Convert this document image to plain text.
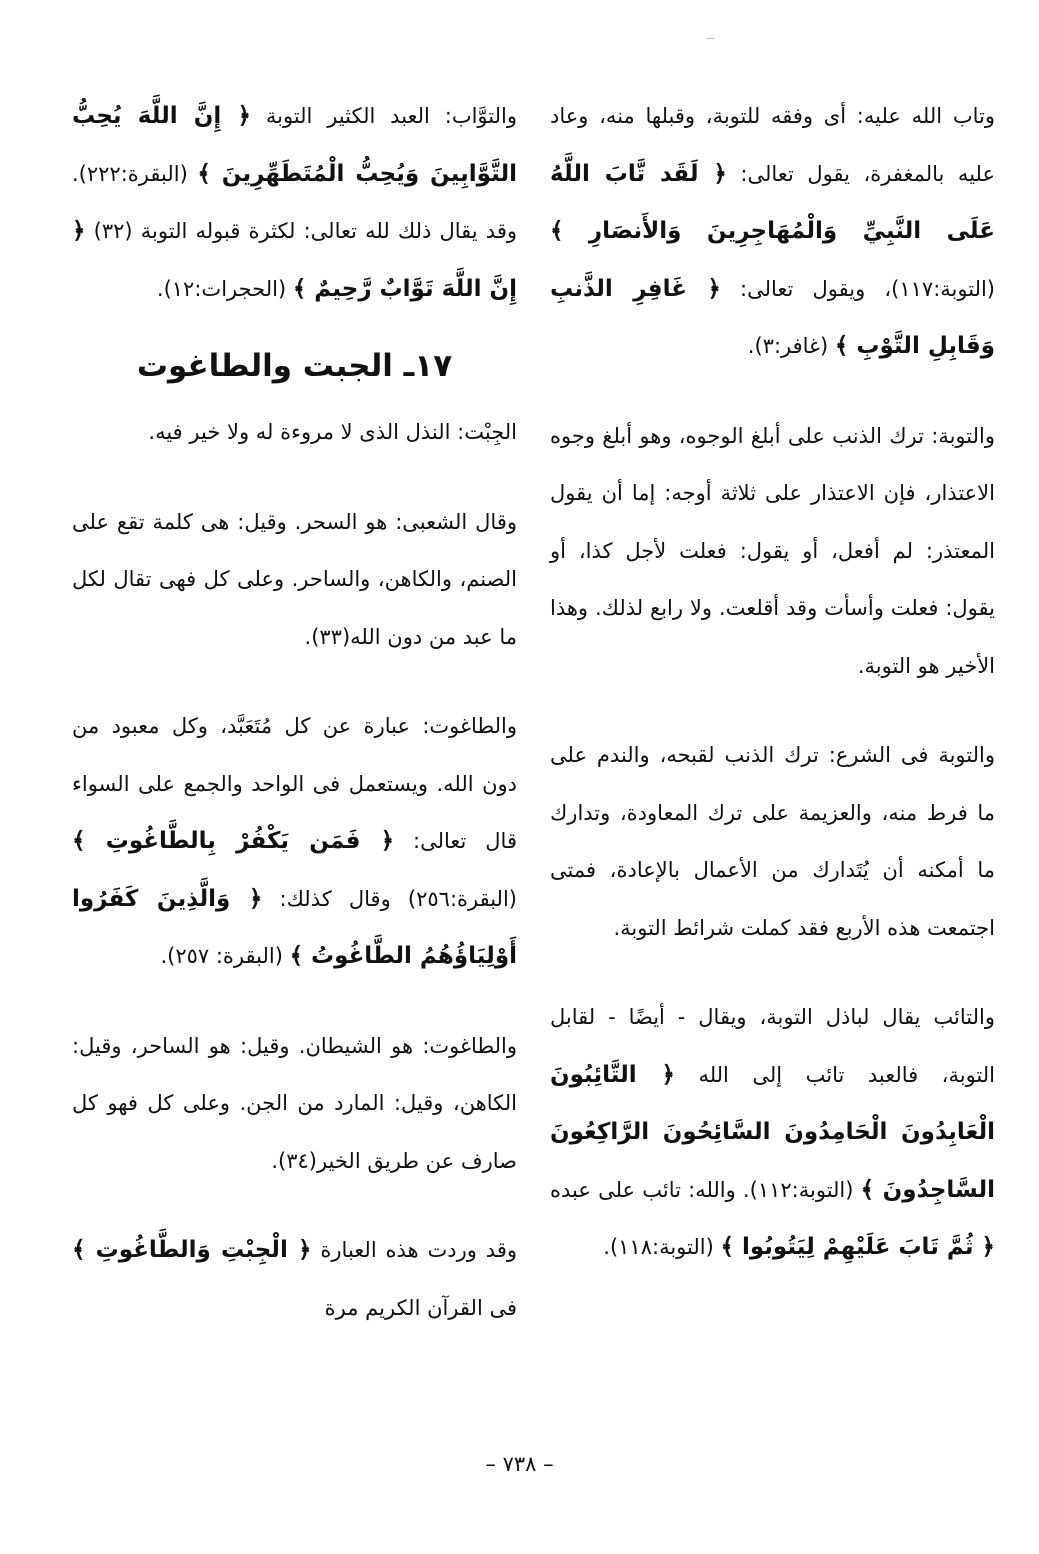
وتاب الله عليه: أى وفقه للتوبة، وقبلها منه، وعاد عليه بالمغفرة، يقول تعالى: ﴿ لَقَد تَّابَ اللَّهُ عَلَى النَّبِيِّ وَالْمُهَاجِرِينَ وَالأَنصَارِ ﴾ (التوبة:١١٧)، ويقول تعالى: ﴿ غَافِرِ الذَّنبِ وَقَابِلِ التَّوْبِ ﴾ (غافر:٣).

والتوبة: ترك الذنب على أبلغ الوجوه، وهو أبلغ وجوه الاعتذار، فإن الاعتذار على ثلاثة أوجه: إما أن يقول المعتذر: لم أفعل، أو يقول: فعلت لأجل كذا، أو يقول: فعلت وأسأت وقد أقلعت. ولا رابع لذلك. وهذا الأخير هو التوبة.

والتوبة فى الشرع: ترك الذنب لقبحه، والندم على ما فرط منه، والعزيمة على ترك المعاودة، وتدارك ما أمكنه أن يُتَدارك من الأعمال بالإعادة، فمتى اجتمعت هذه الأربع فقد كملت شرائط التوبة.

والتائب يقال لباذل التوبة، ويقال - أيضًا - لقابل التوبة، فالعبد تائب إلى الله ﴿ التَّائِبُونَ الْعَابِدُونَ الْحَامِدُونَ السَّائِحُونَ الرَّاكِعُونَ السَّاجِدُونَ ﴾ (التوبة:١١٢). والله: تائب على عبده ﴿ ثُمَّ تَابَ عَلَيْهِمْ لِيَتُوبُوا ﴾ (التوبة:١١٨).

والتوَّاب: العبد الكثير التوبة ﴿ إِنَّ اللَّهَ يُحِبُّ التَّوَّابِينَ وَيُحِبُّ الْمُتَطَهِّرِينَ ﴾ (البقرة:٢٢٢). وقد يقال ذلك لله تعالى: لكثرة قبوله التوبة (٣٢) ﴿ إِنَّ اللَّهَ تَوَّابٌ رَّحِيمٌ ﴾ (الحجرات:١٢).

١٧ـ الجبت والطاغوت

الجِبْت: النذل الذى لا مروءة له ولا خير فيه.

وقال الشعبى: هو السحر. وقيل: هى كلمة تقع على الصنم، والكاهن، والساحر. وعلى كل فهى تقال لكل ما عبد من دون الله(٣٣).

والطاغوت: عبارة عن كل مُتَعَبَّد، وكل معبود من دون الله. ويستعمل فى الواحد والجمع على السواء قال تعالى: ﴿ فَمَن يَكْفُرْ بِالطَّاغُوتِ ﴾ (البقرة:٢٥٦) وقال كذلك: ﴿ وَالَّذِينَ كَفَرُوا أَوْلِيَاؤُهُمُ الطَّاغُوتُ ﴾ (البقرة: ٢٥٧).

والطاغوت: هو الشيطان. وقيل: هو الساحر، وقيل: الكاهن، وقيل: المارد من الجن. وعلى كل فهو كل صارف عن طريق الخير(٣٤).

وقد وردت هذه العبارة ﴿ الْجِبْتِ وَالطَّاغُوتِ ﴾ فى القرآن الكريم مرة

– ٧٣٨ –
